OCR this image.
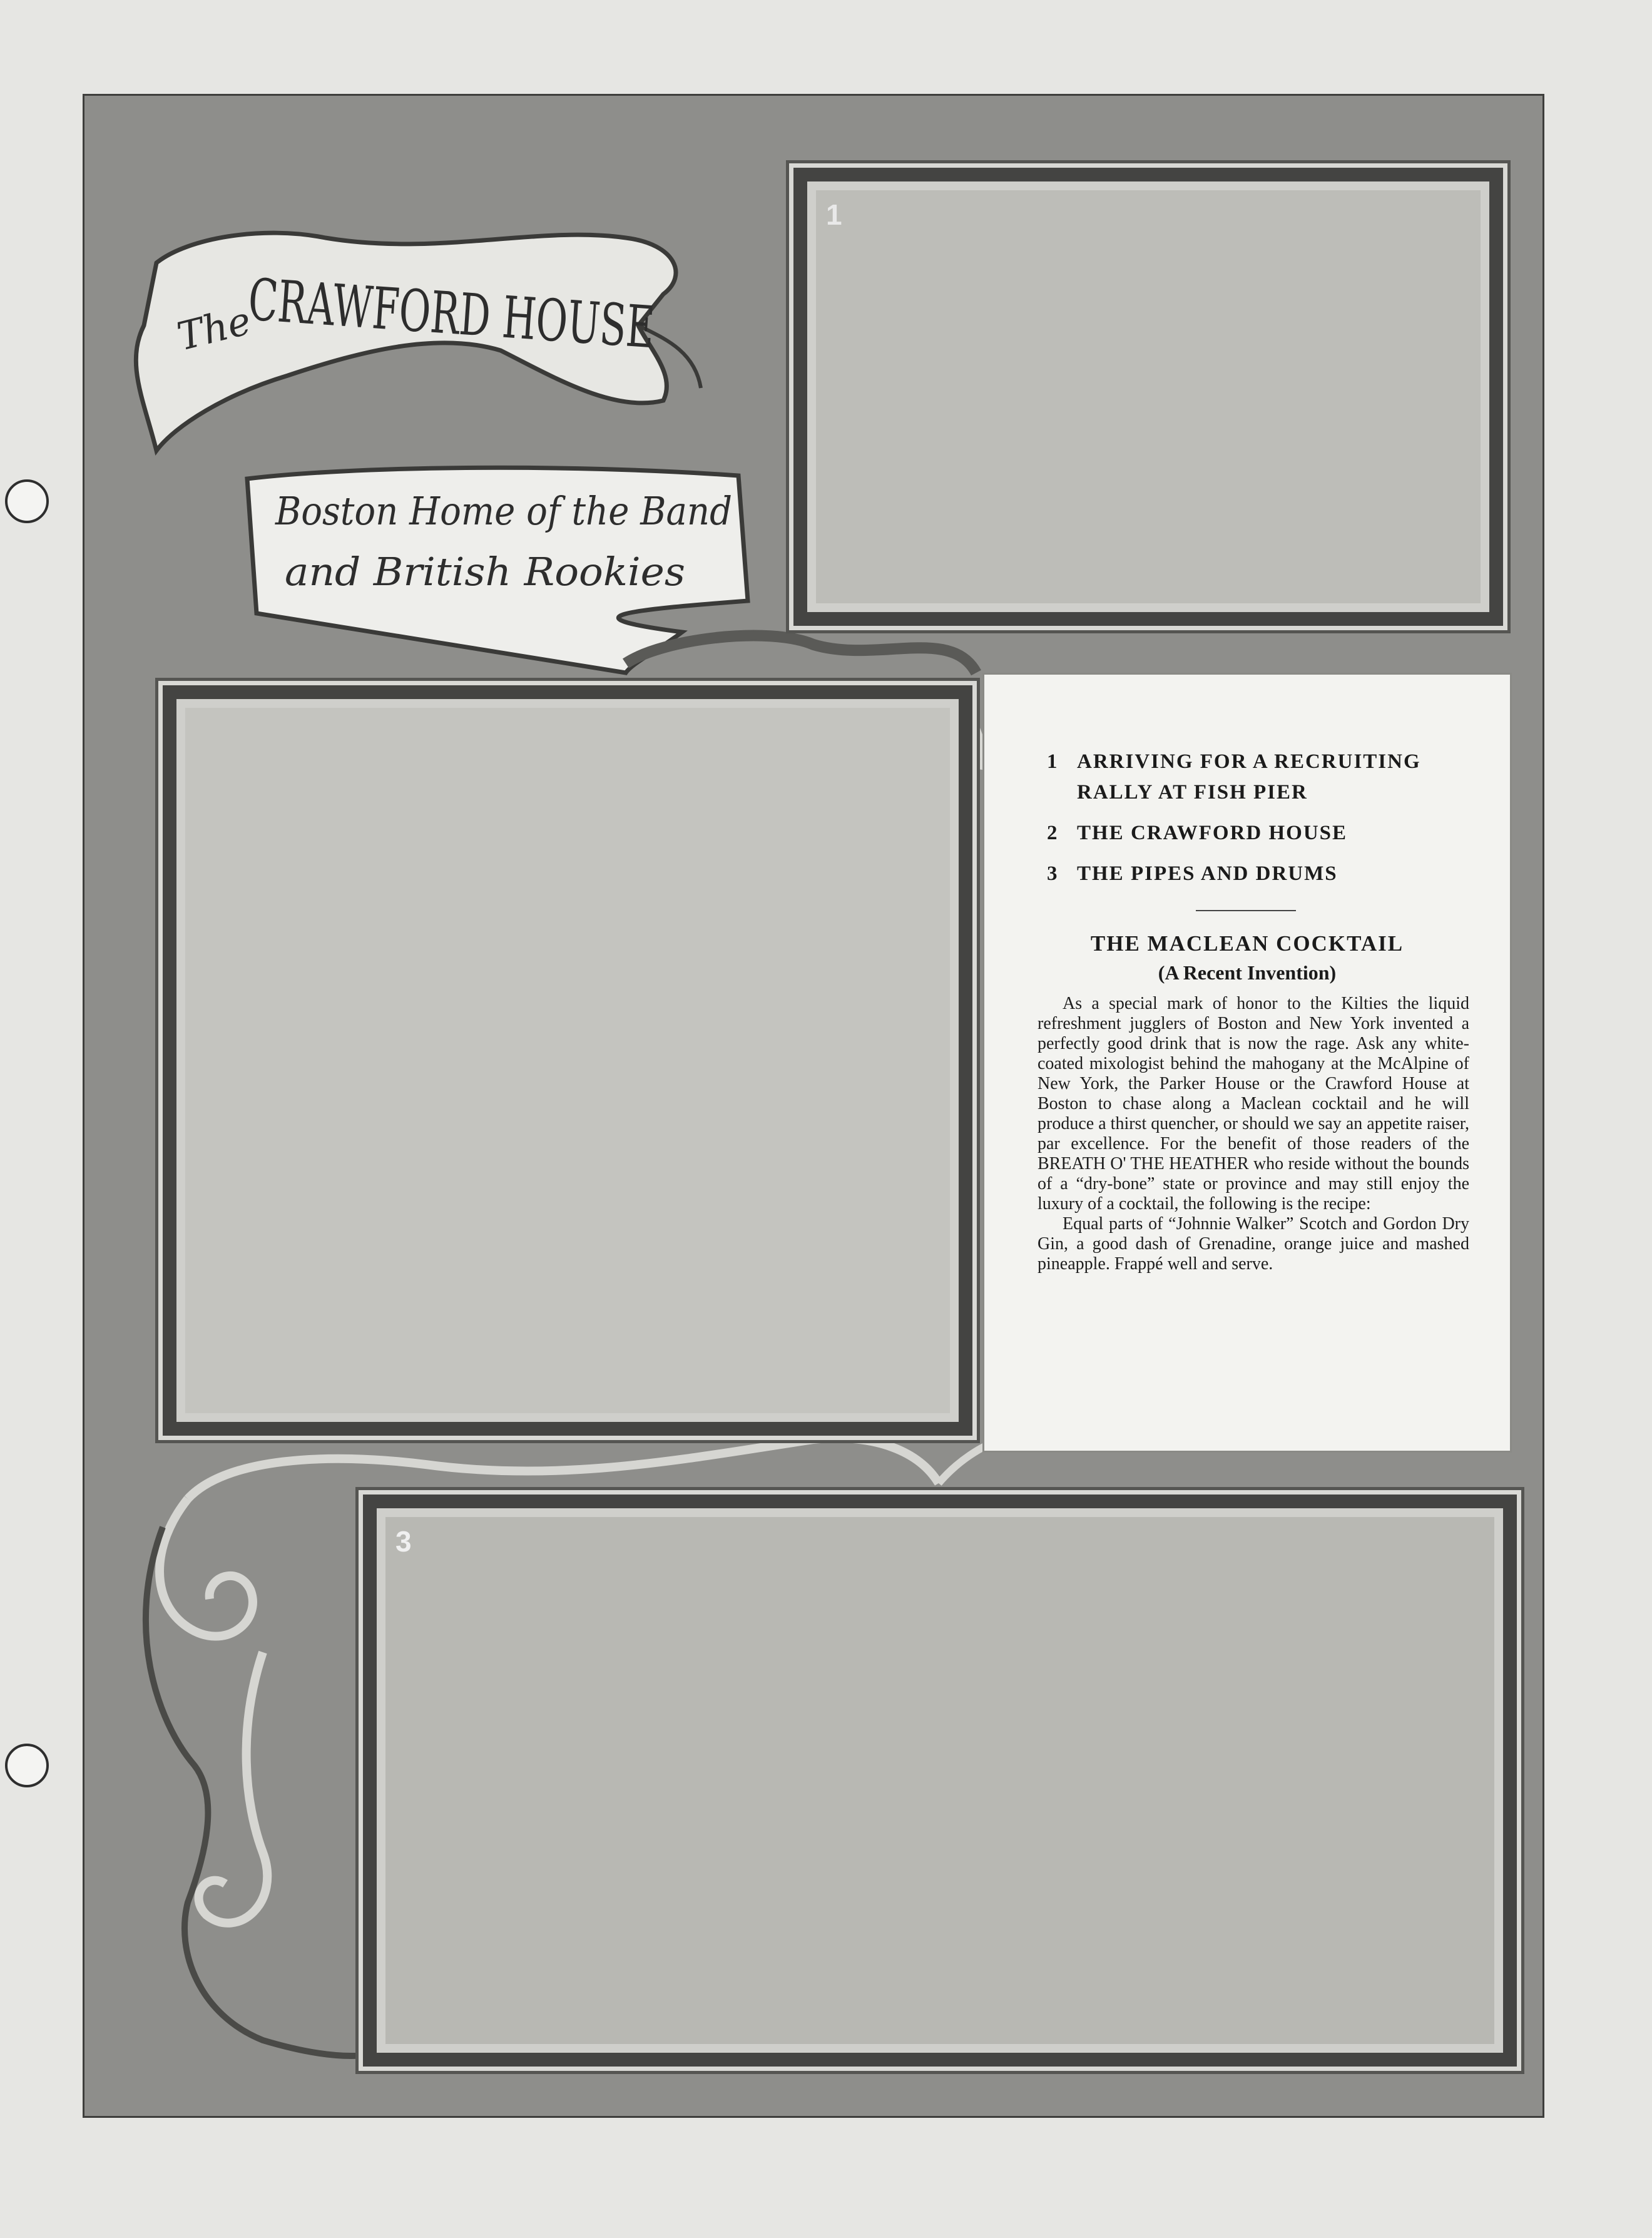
The
CRAWFORD HOUSE
Boston Home of the Band
and British Rookies
1
1 ARRIVING FOR A RECRUITING RALLY AT FISH PIER
2 THE CRAWFORD HOUSE
3 THE PIPES AND DRUMS
THE MACLEAN COCKTAIL
(A Recent Invention)

As a special mark of honor to the Kilties the liquid refreshment jugglers of Boston and New York invented a perfectly good drink that is now the rage. Ask any white-coated mixologist behind the mahogany at the McAlpine of New York, the Parker House or the Crawford House at Boston to chase along a Maclean cocktail and he will produce a thirst quencher, or should we say an appetite raiser, par excellence. For the benefit of those readers of the BREATH O' THE HEATHER who reside without the bounds of a “dry-bone” state or province and may still enjoy the luxury of a cocktail, the following is the recipe:

Equal parts of “Johnnie Walker” Scotch and Gordon Dry Gin, a good dash of Grenadine, orange juice and mashed pineapple. Frappé well and serve.

3
